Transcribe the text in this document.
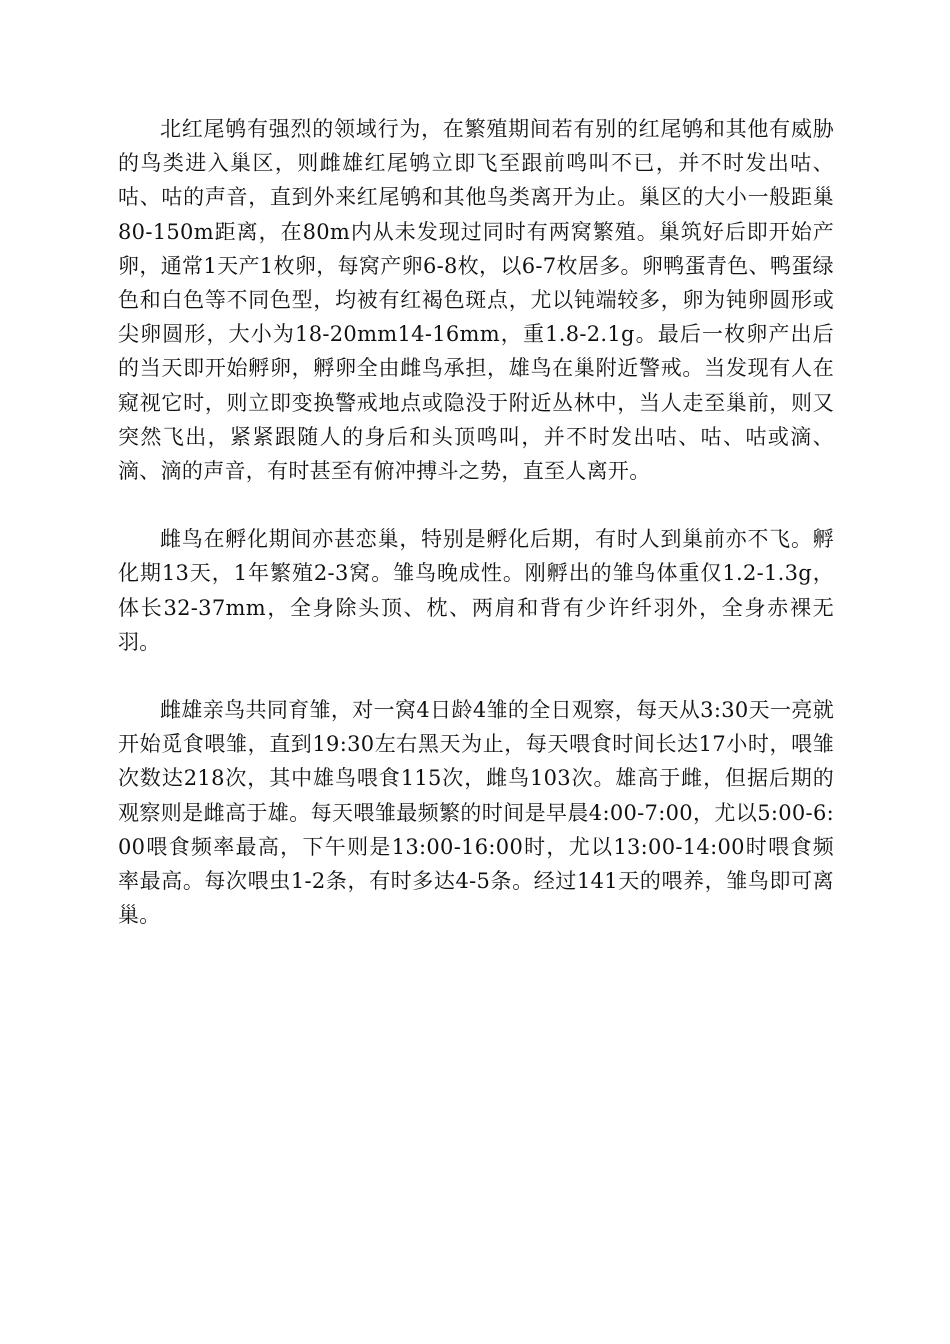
北红尾鸲有强烈的领域行为，在繁殖期间若有别的红尾鸲和其他有威胁的鸟类进入巢区，则雌雄红尾鸲立即飞至跟前鸣叫不已，并不时发出咕、咕、咕的声音，直到外来红尾鸲和其他鸟类离开为止。巢区的大小一般距巢80-150m距离，在80m内从未发现过同时有两窝繁殖。巢筑好后即开始产卵，通常1天产1枚卵，每窝产卵6-8枚，以6-7枚居多。卵鸭蛋青色、鸭蛋绿色和白色等不同色型，均被有红褐色斑点，尤以钝端较多，卵为钝卵圆形或尖卵圆形，大小为18-20mm14-16mm，重1.8-2.1g。最后一枚卵产出后的当天即开始孵卵，孵卵全由雌鸟承担，雄鸟在巢附近警戒。当发现有人在窥视它时，则立即变换警戒地点或隐没于附近丛林中，当人走至巢前，则又突然飞出，紧紧跟随人的身后和头顶鸣叫，并不时发出咕、咕、咕或滴、滴、滴的声音，有时甚至有俯冲搏斗之势，直至人离开。

雌鸟在孵化期间亦甚恋巢，特别是孵化后期，有时人到巢前亦不飞。孵化期13天，1年繁殖2-3窝。雏鸟晚成性。刚孵出的雏鸟体重仅1.2-1.3g，体长32-37mm，全身除头顶、枕、两肩和背有少许纤羽外，全身赤裸无羽。

雌雄亲鸟共同育雏，对一窝4日龄4雏的全日观察，每天从3:30天一亮就开始觅食喂雏，直到19:30左右黑天为止，每天喂食时间长达17小时，喂雏次数达218次，其中雄鸟喂食115次，雌鸟103次。雄高于雌，但据后期的观察则是雌高于雄。每天喂雏最频繁的时间是早晨4:00-7:00，尤以5:00-6:00喂食频率最高，下午则是13:00-16:00时，尤以13:00-14:00时喂食频率最高。每次喂虫1-2条，有时多达4-5条。经过141天的喂养，雏鸟即可离巢。
